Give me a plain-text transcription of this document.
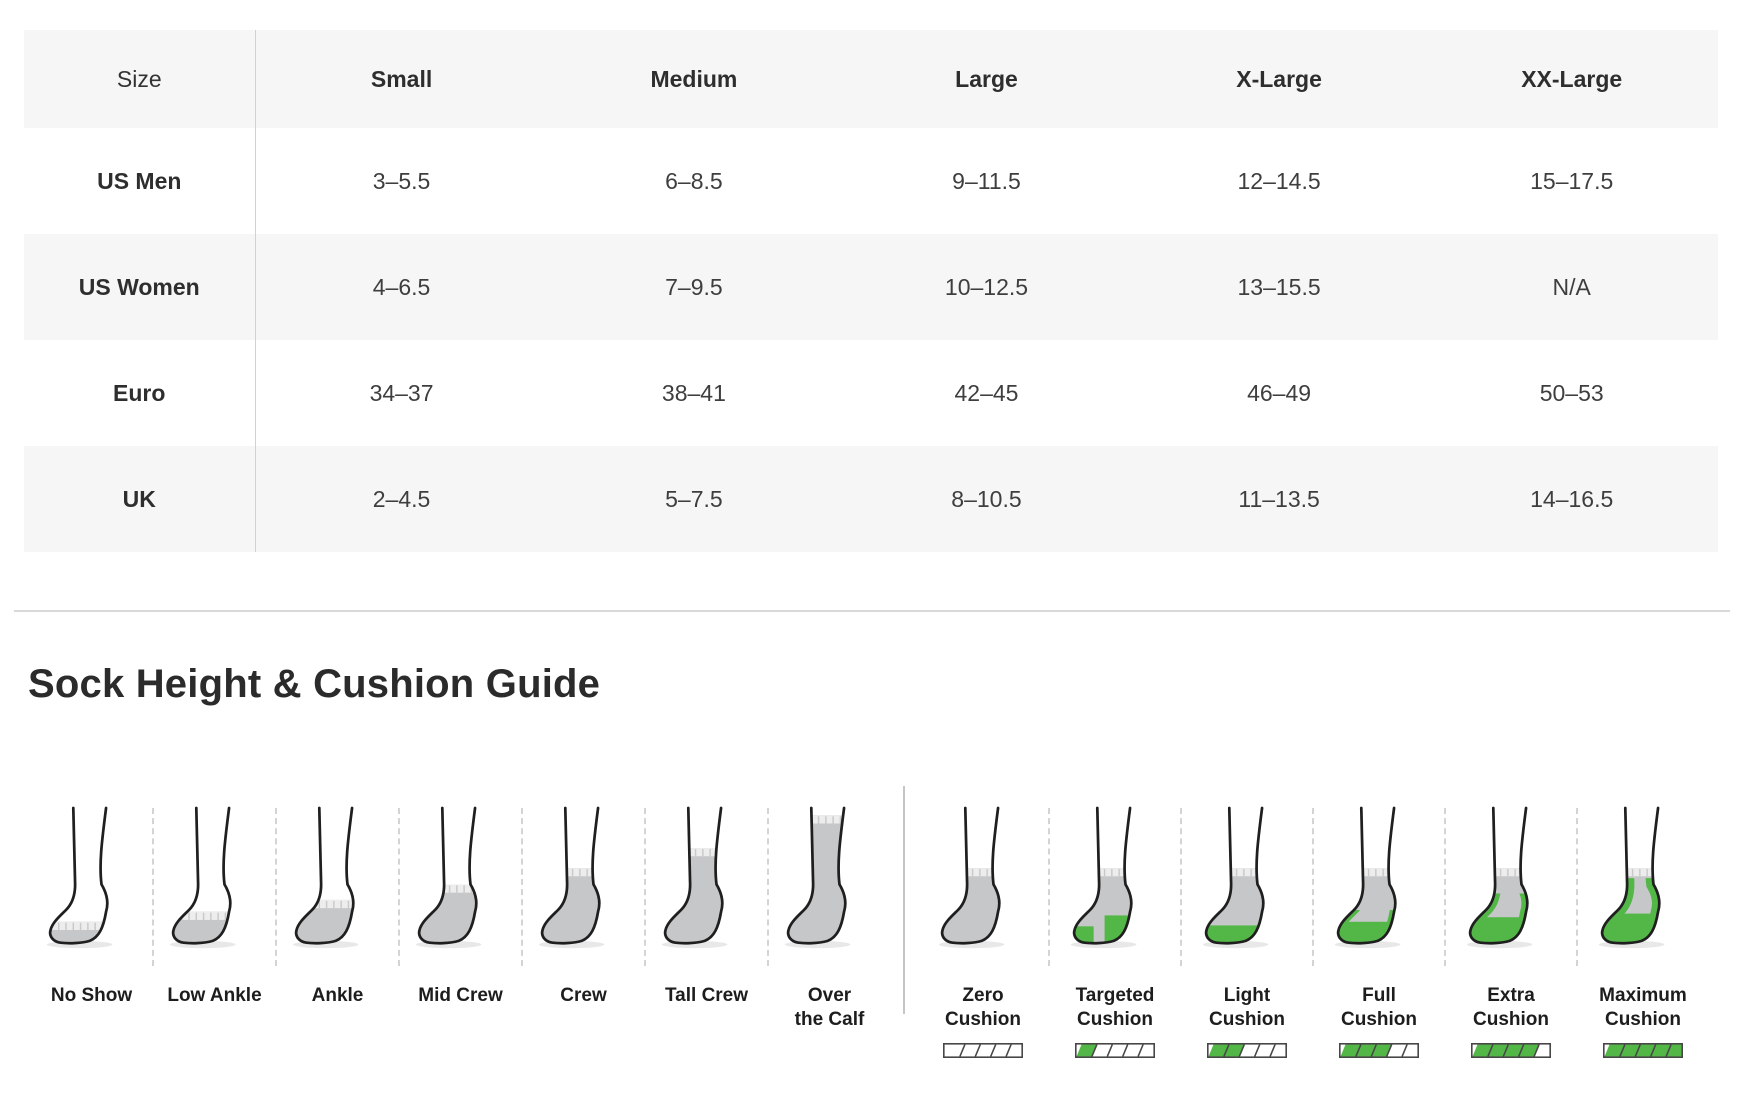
Size	Small	Medium	Large	X-Large	XX-Large
US Men	3–5.5	6–8.5	9–11.5	12–14.5	15–17.5
US Women	4–6.5	7–9.5	10–12.5	13–15.5	N/A
Euro	34–37	38–41	42–45	46–49	50–53
UK	2–4.5	5–7.5	8–10.5	11–13.5	14–16.5
Sock Height & Cushion Guide
No Show Low Ankle	Ankle	Mid Crew	Crew	Tall Crew	Over
the Calf
Zero
Cushion
Targeted
Cushion
Light
Cushion
Full
Cushion
Extra
Cushion
Maximum
Cushion
